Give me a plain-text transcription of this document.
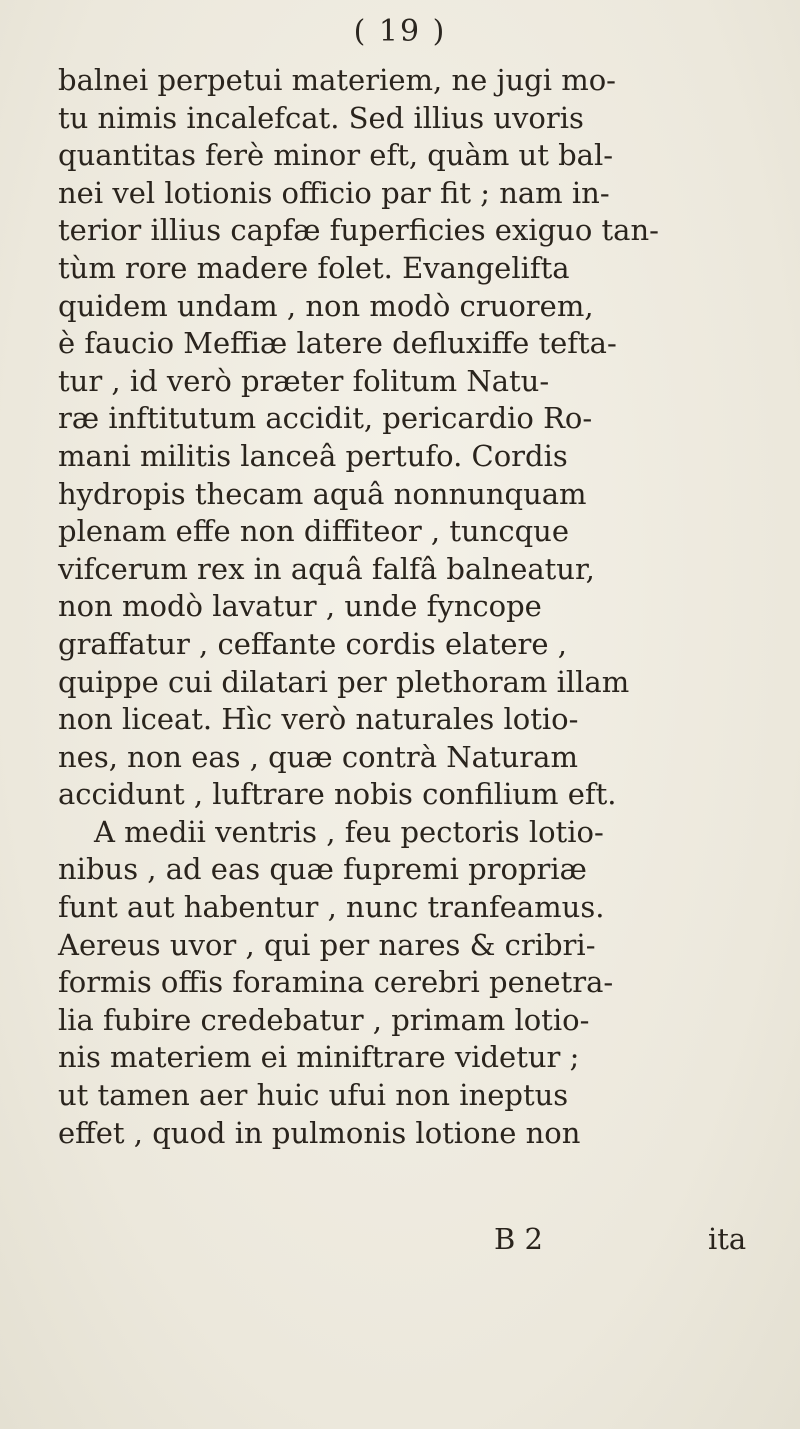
( 19 )
balnei perpetui materiem, ne jugi mo-
tu nimis incalefcat. Sed illius uvoris
quantitas ferè minor eft, quàm ut bal-
nei vel lotionis officio par fit ; nam in-
terior illius capfæ fuperficies exiguo tan-
tùm rore madere folet. Evangelifta
quidem undam , non modò cruorem,
è faucio Meffiæ latere defluxiffe tefta-
tur , id verò præter folitum Natu-
ræ inftitutum accidit, pericardio Ro-
mani militis lanceâ pertufo. Cordis
hydropis thecam aquâ nonnunquam
plenam effe non diffiteor , tuncque
vifcerum rex in aquâ falfâ balneatur,
non modò lavatur , unde fyncope
graffatur , ceffante cordis elatere ,
quippe cui dilatari per plethoram illam
non liceat. Hìc verò naturales lotio-
nes, non eas , quæ contrà Naturam
accidunt , luftrare nobis confilium eft.
A medii ventris , feu pectoris lotio-
nibus , ad eas quæ fupremi propriæ
funt aut habentur , nunc tranfeamus.
Aereus uvor , qui per nares & cribri-
formis offis foramina cerebri penetra-
lia fubire credebatur , primam lotio-
nis materiem ei miniftrare videtur ;
ut tamen aer huic ufui non ineptus
effet , quod in pulmonis lotione non
B 2	ita
